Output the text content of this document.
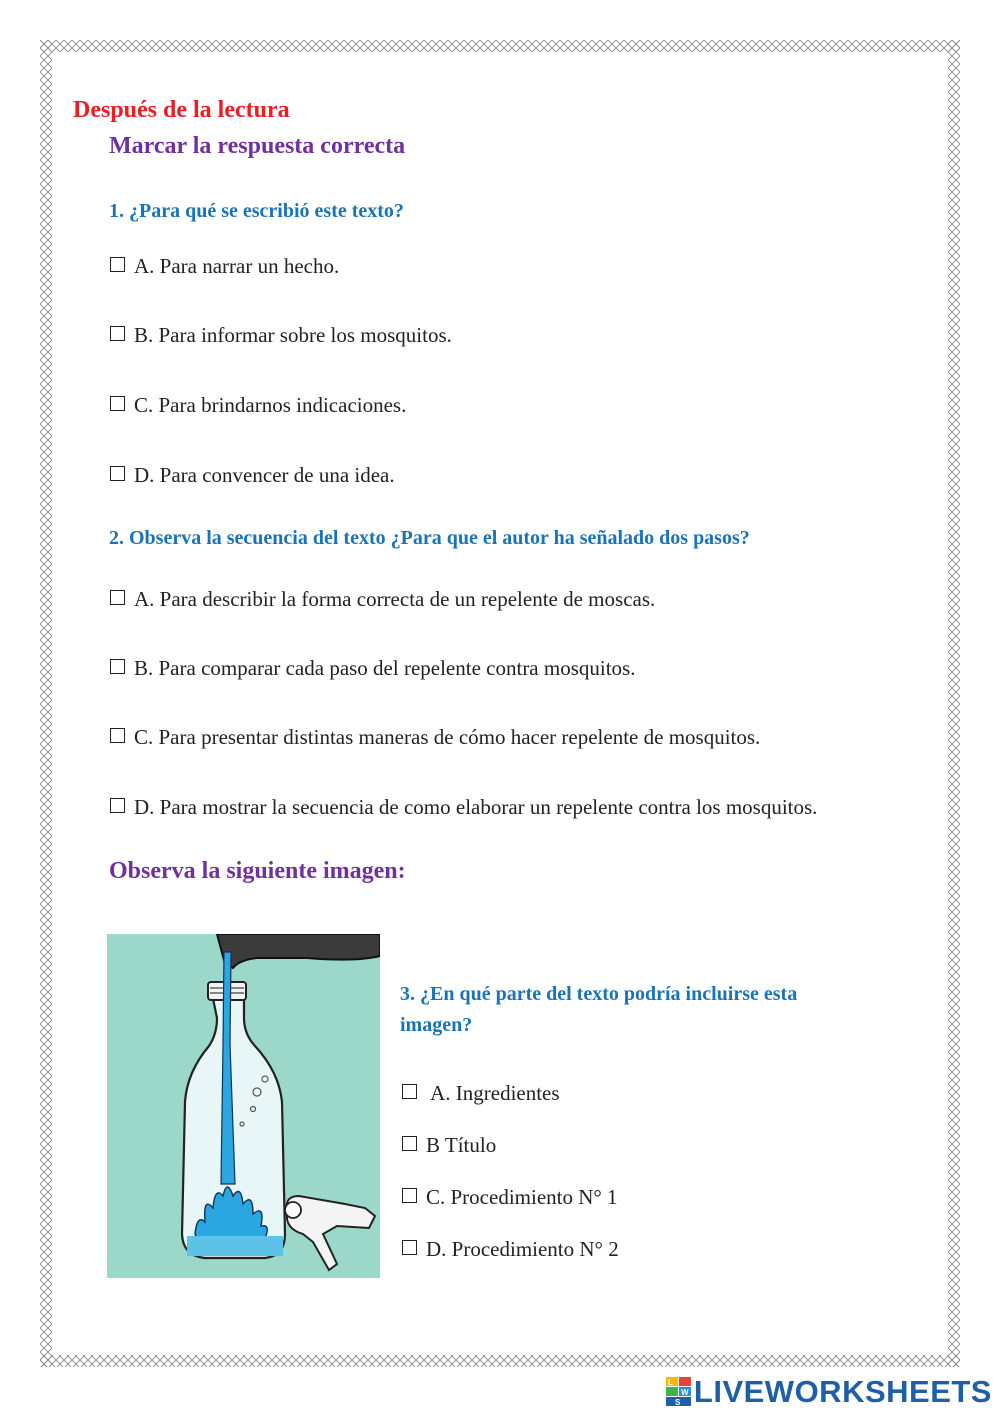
Después de la lectura

Marcar la respuesta correcta

1. ¿Para qué se escribió este texto?

A. Para narrar un hecho.
B. Para informar sobre los mosquitos.
C. Para brindarnos indicaciones.
D. Para convencer de una idea.

2. Observa la secuencia del texto ¿Para que el autor ha señalado dos pasos?

A. Para describir la forma correcta de un repelente de moscas.
B. Para comparar cada paso del repelente contra mosquitos.
C. Para presentar distintas maneras de cómo hacer repelente de mosquitos.
D. Para mostrar la secuencia de como elaborar un repelente contra los mosquitos.

Observa la siguiente imagen:

3. ¿En qué parte del texto podría incluirse esta

imagen?

A. Ingredientes
B Título
C. Procedimiento N° 1
D. Procedimiento N° 2
L
W
S LIVEWORKSHEETS
